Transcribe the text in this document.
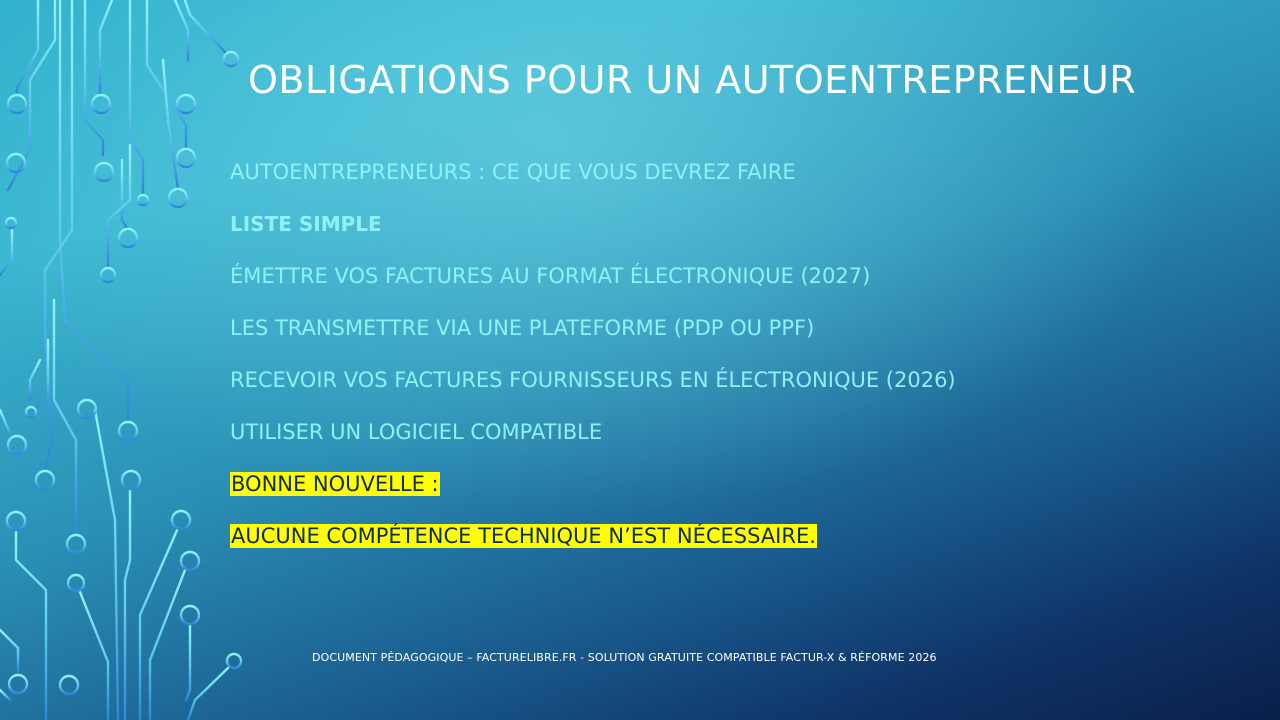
OBLIGATIONS POUR UN AUTOENTREPRENEUR
AUTOENTREPRENEURS : CE QUE VOUS DEVREZ FAIRE
LISTE SIMPLE
ÉMETTRE VOS FACTURES AU FORMAT ÉLECTRONIQUE (2027)
LES TRANSMETTRE VIA UNE PLATEFORME (PDP OU PPF)
RECEVOIR VOS FACTURES FOURNISSEURS EN ÉLECTRONIQUE (2026)
UTILISER UN LOGICIEL COMPATIBLE
BONNE NOUVELLE :
AUCUNE COMPÉTENCE TECHNIQUE N’EST NÉCESSAIRE.
DOCUMENT PÉDAGOGIQUE – FACTURELIBRE.FR - SOLUTION GRATUITE COMPATIBLE FACTUR-X & RÉFORME 2026
